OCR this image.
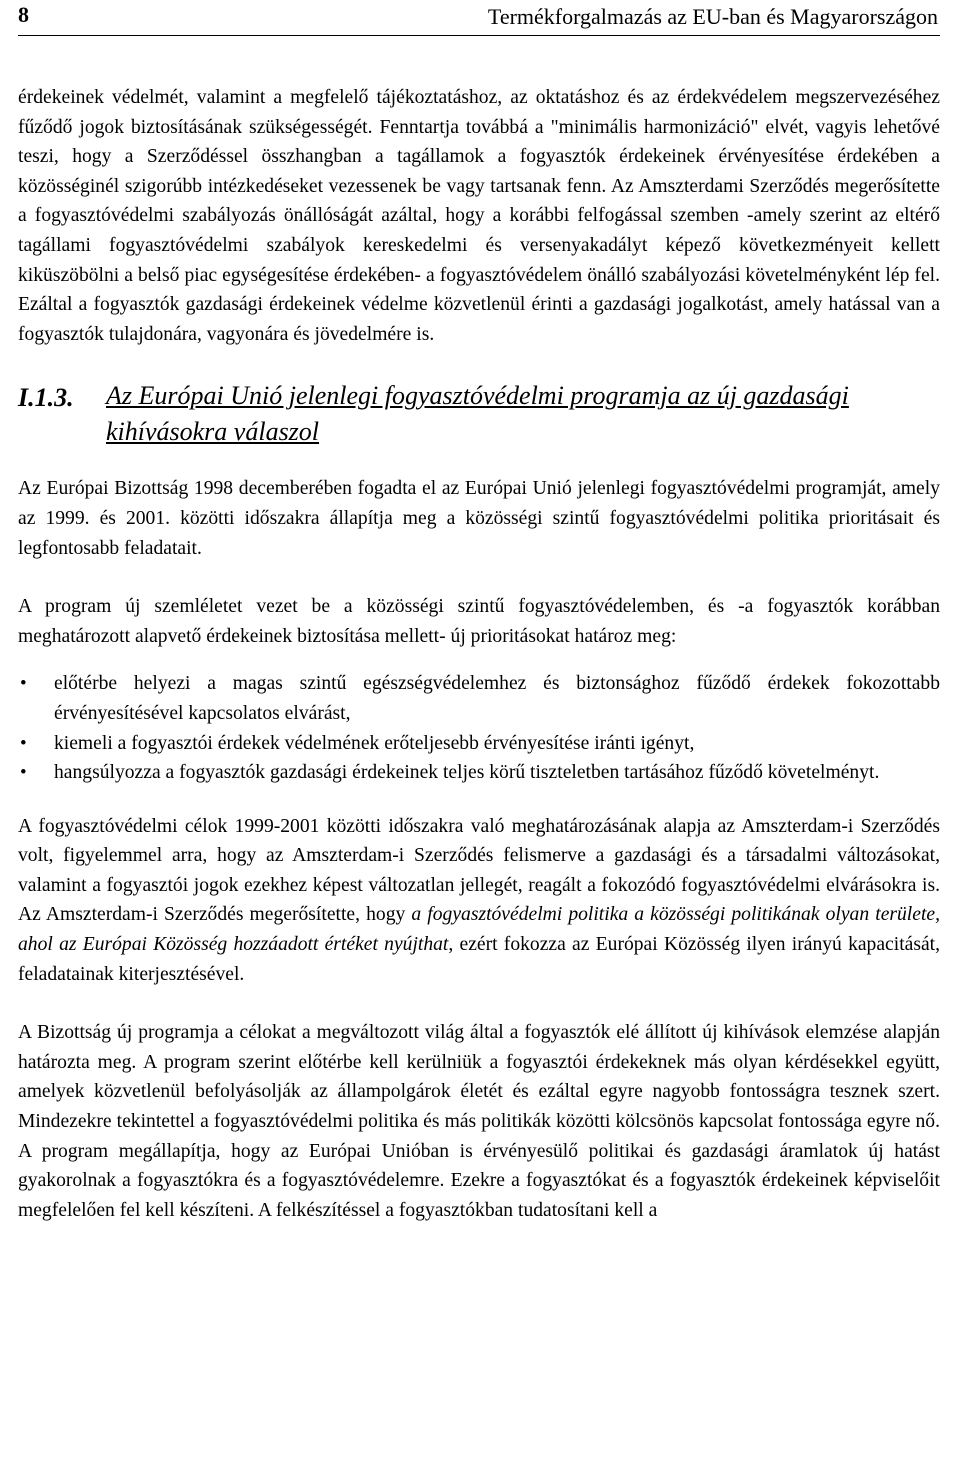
8	Termékforgalmazás az EU-ban és Magyarországon

érdekeinek védelmét, valamint a megfelelő tájékoztatáshoz, az oktatáshoz és az érdekvédelem megszervezéséhez fűződő jogok biztosításának szükségességét. Fenntartja továbbá a "minimális harmonizáció" elvét, vagyis lehetővé teszi, hogy a Szerződéssel összhangban a tagállamok a fogyasztók érdekeinek érvényesítése érdekében a közösséginél szigorúbb intézkedéseket vezessenek be vagy tartsanak fenn. Az Amszterdami Szerződés megerősítette a fogyasztóvédelmi szabályozás önállóságát azáltal, hogy a korábbi felfogással szemben -amely szerint az eltérő tagállami fogyasztóvédelmi szabályok kereskedelmi és versenyakadályt képező következményeit kellett kiküszöbölni a belső piac egységesítése érdekében- a fogyasztóvédelem önálló szabályozási követelményként lép fel. Ezáltal a fogyasztók gazdasági érdekeinek védelme közvetlenül érinti a gazdasági jogalkotást, amely hatással van a fogyasztók tulajdonára, vagyonára és jövedelmére is.

I.1.3.	Az Európai Unió jelenlegi fogyasztóvédelmi programja az új gazdasági kihívásokra válaszol

Az Európai Bizottság 1998 decemberében fogadta el az Európai Unió jelenlegi fogyasztóvédelmi programját, amely az 1999. és 2001. közötti időszakra állapítja meg a közösségi szintű fogyasztóvédelmi politika prioritásait és legfontosabb feladatait.

A program új szemléletet vezet be a közösségi szintű fogyasztóvédelemben, és -a fogyasztók korábban meghatározott alapvető érdekeinek biztosítása mellett- új prioritásokat határoz meg:

• előtérbe helyezi a magas szintű egészségvédelemhez és biztonsághoz fűződő érdekek fokozottabb érvényesítésével kapcsolatos elvárást,
• kiemeli a fogyasztói érdekek védelmének erőteljesebb érvényesítése iránti igényt,
• hangsúlyozza a fogyasztók gazdasági érdekeinek teljes körű tiszteletben tartásához fűződő követelményt.

A fogyasztóvédelmi célok 1999-2001 közötti időszakra való meghatározásának alapja az Amszterdam-i Szerződés volt, figyelemmel arra, hogy az Amszterdam-i Szerződés felismerve a gazdasági és a társadalmi változásokat, valamint a fogyasztói jogok ezekhez képest változatlan jellegét, reagált a fokozódó fogyasztóvédelmi elvárásokra is. Az Amszterdam-i Szerződés megerősítette, hogy a fogyasztóvédelmi politika a közösségi politikának olyan területe, ahol az Európai Közösség hozzáadott értéket nyújthat, ezért fokozza az Európai Közösség ilyen irányú kapacitását, feladatainak kiterjesztésével.

A Bizottság új programja a célokat a megváltozott világ által a fogyasztók elé állított új kihívások elemzése alapján határozta meg. A program szerint előtérbe kell kerülniük a fogyasztói érdekeknek más olyan kérdésekkel együtt, amelyek közvetlenül befolyásolják az állampolgárok életét és ezáltal egyre nagyobb fontosságra tesznek szert. Mindezekre tekintettel a fogyasztóvédelmi politika és más politikák közötti kölcsönös kapcsolat fontossága egyre nő. A program megállapítja, hogy az Európai Unióban is érvényesülő politikai és gazdasági áramlatok új hatást gyakorolnak a fogyasztókra és a fogyasztóvédelemre. Ezekre a fogyasztókat és a fogyasztók érdekeinek képviselőit megfelelően fel kell készíteni. A felkészítéssel a fogyasztókban tudatosítani kell a
